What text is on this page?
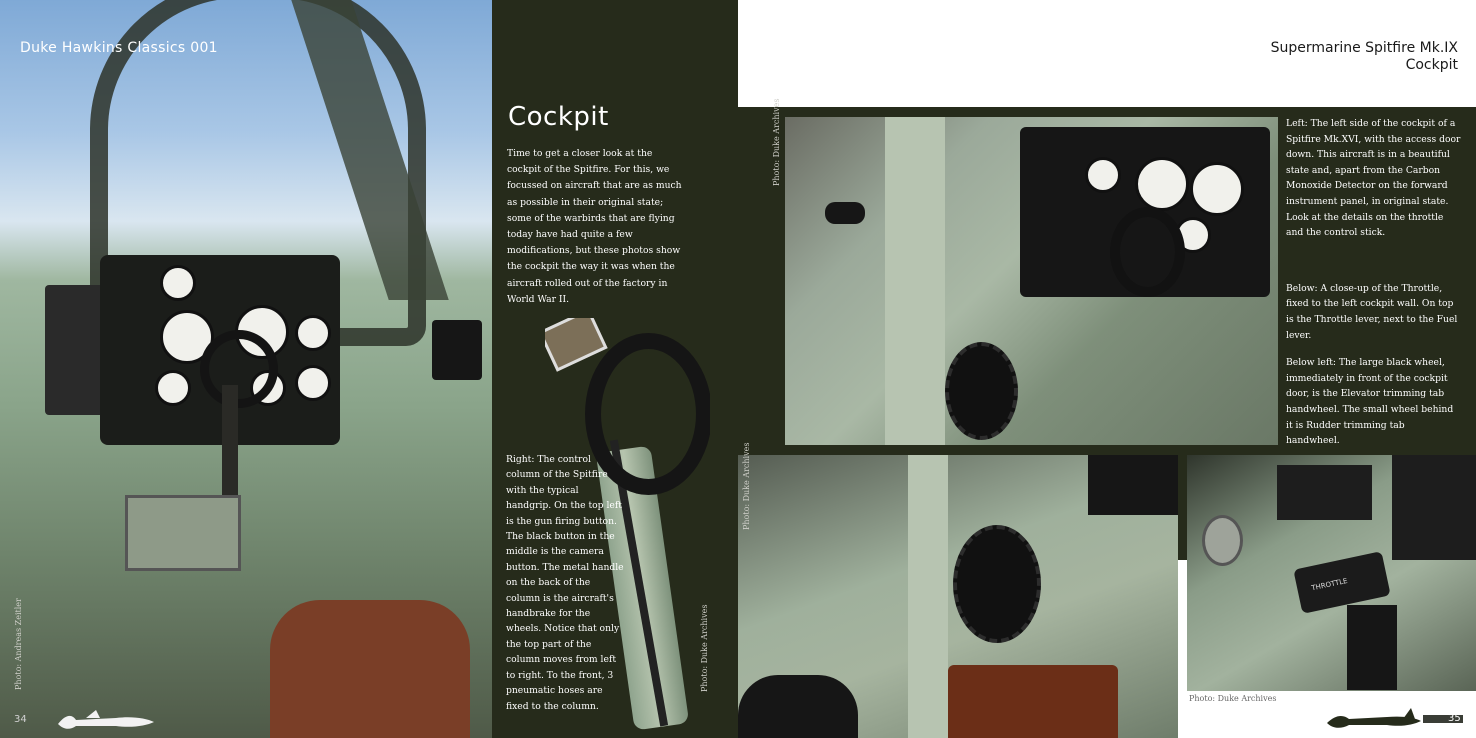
Duke Hawkins Classics 001
Photo: Andreas Zeitler
34
Cockpit

Time to get a closer look at the cockpit of the Spitfire. For this, we focussed on aircraft that are as much as possible in their original state; some of the warbirds that are flying today have had quite a few modifications, but these photos show the cockpit the way it was when the aircraft rolled out of the factory in World War II.

Photo: Duke Archives

Right: The control column of the Spitfire with the typical handgrip. On the top left is the gun firing button. The black button in the middle is the camera button. The metal handle on the back of the column is the aircraft's handbrake for the wheels. Notice that only the top part of the column moves from left to right. To the front, 3 pneumatic hoses are fixed to the column.

Supermarine Spitfire Mk.IX
Cockpit
Photo: Duke Archives
Photo: Duke Archives
THROTTLE
Photo: Duke Archives

Left: The left side of the cockpit of a Spitfire Mk.XVI, with the access door down. This aircraft is in a beautiful state and, apart from the Carbon Monoxide Detector on the forward instrument panel, in original state. Look at the details on the throttle and the control stick.

Below: A close-up of the Throttle, fixed to the left cockpit wall. On top is the Throttle lever, next to the Fuel lever.

Below left: The large black wheel, immediately in front of the cockpit door, is the Elevator trimming tab handwheel. The small wheel behind it is Rudder trimming tab handwheel.

35
